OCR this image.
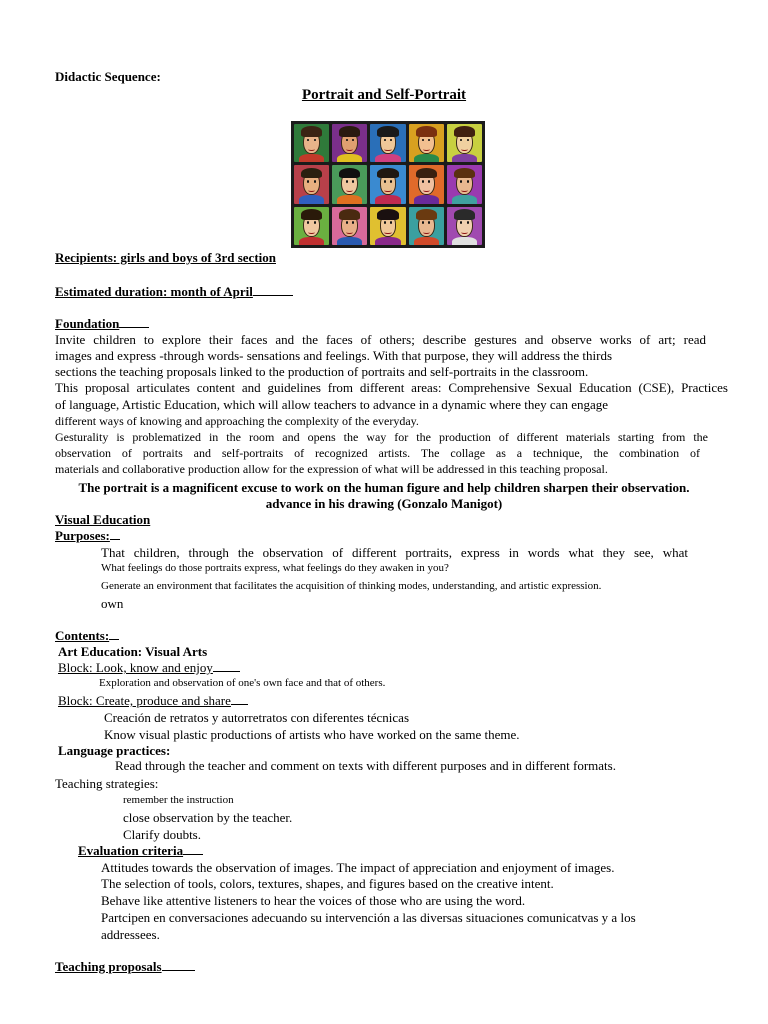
Didactic Sequence:
Portrait and Self-Portrait
Recipients: girls and boys of 3rd section
Estimated duration: month of April
Foundation
Invite children to explore their faces and the faces of others; describe gestures and observe works of art; read
images and express -through words- sensations and feelings. With that purpose, they will address the thirds
sections the teaching proposals linked to the production of portraits and self-portraits in the classroom.
This proposal articulates content and guidelines from different areas: Comprehensive Sexual Education (CSE), Practices
of language, Artistic Education, which will allow teachers to advance in a dynamic where they can engage
different ways of knowing and approaching the complexity of the everyday.
Gesturality is problematized in the room and opens the way for the production of different materials starting from the
observation of portraits and self-portraits of recognized artists. The collage as a technique, the combination of
materials and collaborative production allow for the expression of what will be addressed in this teaching proposal.
The portrait is a magnificent excuse to work on the human figure and help children sharpen their observation.
advance in his drawing (Gonzalo Manigot)
Visual Education
Purposes:
That children, through the observation of different portraits, express in words what they see, what
What feelings do those portraits express, what feelings do they awaken in you?
Generate an environment that facilitates the acquisition of thinking modes, understanding, and artistic expression.
own
Contents:
Art Education: Visual Arts
Block: Look, know and enjoy
Exploration and observation of one's own face and that of others.
Block: Create, produce and share
Creación de retratos y autorretratos con diferentes técnicas
Know visual plastic productions of artists who have worked on the same theme.
Language practices:
Read through the teacher and comment on texts with different purposes and in different formats.
Teaching strategies:
remember the instruction
close observation by the teacher.
Clarify doubts.
Evaluation criteria
Attitudes towards the observation of images. The impact of appreciation and enjoyment of images.
The selection of tools, colors, textures, shapes, and figures based on the creative intent.
Behave like attentive listeners to hear the voices of those who are using the word.
Partcipen en conversaciones adecuando su intervención a las diversas situaciones comunicatvas y a los
addressees.
Teaching proposals
